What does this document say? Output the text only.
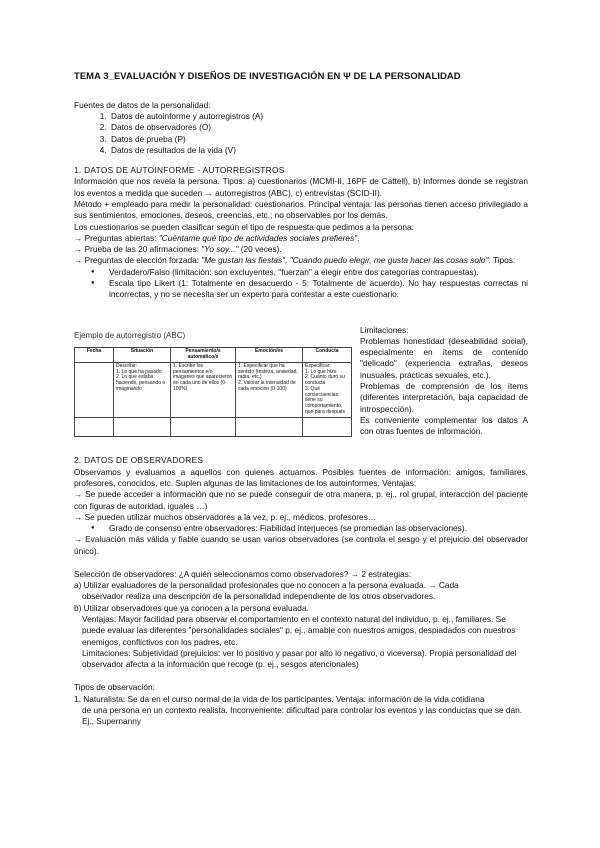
TEMA 3_EVALUACIÓN Y DISEÑOS DE INVESTIGACIÓN EN Ψ DE LA PERSONALIDAD

Fuentes de datos de la personalidad:

1. Datos de autoinforme y autorregistros (A)
2. Datos de observadores (O)
3. Datos de prueba (P)
4. Datos de resultados de la vida (V)

1. DATOS DE AUTOINFORME - AUTORREGISTROS

Información que nos revela la persona. Tipos: a) cuestionarios (MCMI-II, 16PF de Cattell), b) Informes donde se registran los eventos a medida que suceden → autorregistros (ABC), c) entrevistas (SCID-II).

Método + empleado para medir la personalidad: cuestionarios. Principal ventaja: las personas tienen acceso privilegiado a sus sentimientos, emociones, deseos, creencias, etc.; no observables por los demás.

Los cuestionarios se pueden clasificar según el tipo de respuesta que pedimos a la persona:

→ Preguntas abiertas: "Cuéntame qué tipo de actividades sociales prefieres".

→ Prueba de las 20 afirmaciones: "Yo soy..." (20 veces).

→ Preguntas de elección forzada: "Me gustan las fiestas", "Cuando puedo elegir, me gusta hacer las cosas solo". Tipos:

● Verdadero/Falso (limitación: son excluyentes, "fuerzan" a elegir entre dos categorías contrapuestas).
● Escala tipo Likert (1: Totalmente en desacuerdo - 5: Totalmente de acuerdo). No hay respuestas correctas ni incorrectas, y no se necesita ser un experto para contestar a este cuestionario.

Ejemplo de autorregistro (ABC)

Fecha	Situación	Pensamiento/s automático/s	Emoción/es	Conducta
	Describir:
1. Lo que ha pasado
2. Lo que estaba haciendo, pensando o imaginando	1. Escribir los pensamientos e/o imágenes que aparecieron en cada uno de ellos (0-100%)	1. Especificar que ha sentido (tristeza, ansiedad, rabia, etc.)
2. Valorar la intensidad de cada emoción (0-100)	Especificar:
1. Lo que hizo
2. Cuánto duró su conducta
3. Qué consecuencias tiene su comportamiento, que para después

Limitaciones:

Problemas honestidad (deseabilidad social), especialmente en ítems de contenido "delicado" (experiencia extrañas, deseos inusuales, prácticas sexuales, etc.).

Problemas de comprensión de los ítems (diferentes interpretación, baja capacidad de introspección).

Es conveniente complementar los datos A con otras fuentes de información.

2. DATOS DE OBSERVADORES

Observamos y evaluamos a aquellos con quienes actuamos. Posibles fuentes de información: amigos, familiares, profesores, conocidos, etc. Suplen algunas de las limitaciones de los autoinformes. Ventajas:

→ Se puede acceder a información que no se puede conseguir de otra manera, p. ej., rol grupal, interacción del paciente con figuras de autoridad, iguales …)

→ Se pueden utilizar muchos observadores a la vez, p. ej., médicos, profesores…

● Grado de consenso entre observadores: Fiabilidad interjueces (se promedian las observaciones).

→ Evaluación más válida y fiable cuando se usan varios observadores (se controla el sesgo y el prejuicio del observador único).

Selección de observadores: ¿A quién seleccionamos como observadores? → 2 estrategias:

a) Utilizar evaluadores de la personalidad profesionales que no conocen a la persona evaluada. → Cada

observador realiza una descripción de la personalidad independiente de los otros observadores.

b) Utilizar observadores que ya conocen a la persona evaluada.

Ventajas: Mayor facilidad para observar el comportamiento en el contexto natural del individuo, p. ej., familiares. Se puede evaluar las diferentes "personalidades sociales" p. ej., amable con nuestros amigos, despiadados con nuestros enemigos, conflictivos con los padres, etc.

Limitaciones: Subjetividad (prejuicios: ver lo positivo y pasar por alto lo negativo, o viceversa). Propia personalidad del observador afecta a la información que recoge (p. ej., sesgos atencionales)

Tipos de observación:

1. Naturalista: Se da en el curso normal de la vida de los participantes. Ventaja: información de la vida cotidiana

de una persona en un contexto realista. Inconveniente: dificultad para controlar los eventos y las conductas que se dan. Ej., Supernanny
